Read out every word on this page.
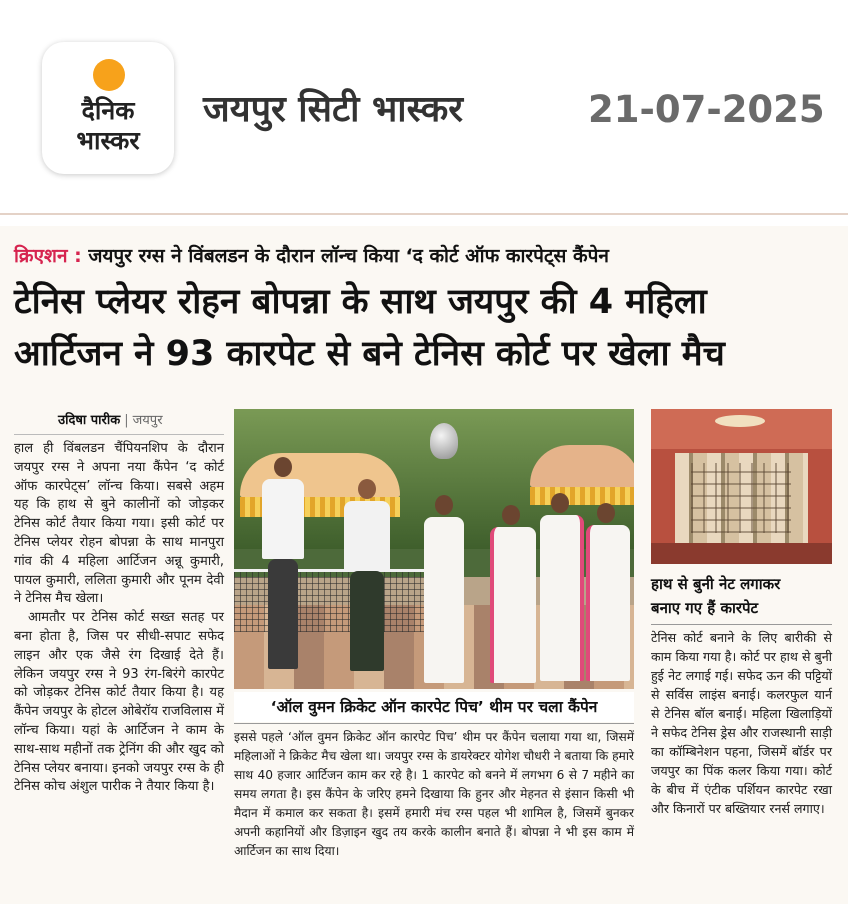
दैनिक
भास्कर
जयपुर सिटी भास्कर	21-07-2025
क्रिएशन : जयपुर रग्स ने विंबलडन के दौरान लॉन्च किया ‘द कोर्ट ऑफ कारपेट्स कैंपेन
टेनिस प्लेयर रोहन बोपन्ना के साथ जयपुर की 4 महिला
आर्टिजन ने 93 कारपेट से बने टेनिस कोर्ट पर खेला मैच
उदिषा पारीक | जयपुर

हाल ही विंबलडन चैंपियनशिप के दौरान जयपुर रग्स ने अपना नया कैंपेन ‘द कोर्ट ऑफ कारपेट्स’ लॉन्च किया। सबसे अहम यह कि हाथ से बुने कालीनों को जोड़कर टेनिस कोर्ट तैयार किया गया। इसी कोर्ट पर टेनिस प्लेयर रोहन बोपन्ना के साथ मानपुरा गांव की 4 महिला आर्टिजन अन्नू कुमारी, पायल कुमारी, ललिता कुमारी और पूनम देवी ने टेनिस मैच खेला।

आमतौर पर टेनिस कोर्ट सख्त सतह पर बना होता है, जिस पर सीधी-सपाट सफेद लाइन और एक जैसे रंग दिखाई देते हैं। लेकिन जयपुर रग्स ने 93 रंग-बिरंगे कारपेट को जोड़कर टेनिस कोर्ट तैयार किया है। यह कैंपेन जयपुर के होटल ओबेरॉय राजविलास में लॉन्च किया। यहां के आर्टिजन ने काम के साथ-साथ महीनों तक ट्रेनिंग की और खुद को टेनिस प्लेयर बनाया। इनको जयपुर रग्स के ही टेनिस कोच अंशुल पारीक ने तैयार किया है।

‘ऑल वुमन क्रिकेट ऑन कारपेट पिच’ थीम पर चला कैंपेन
इससे पहले ‘ऑल वुमन क्रिकेट ऑन कारपेट पिच’ थीम पर कैंपेन चलाया गया था, जिसमें महिलाओं ने क्रिकेट मैच खेला था। जयपुर रग्स के डायरेक्टर योगेश चौधरी ने बताया कि हमारे साथ 40 हजार आर्टिजन काम कर रहे है। 1 कारपेट को बनने में लगभग 6 से 7 महीने का समय लगता है। इस कैंपेन के जरिए हमने दिखाया कि हुनर और मेहनत से इंसान किसी भी मैदान में कमाल कर सकता है। इसमें हमारी मंच रग्स पहल भी शामिल है, जिसमें बुनकर अपनी कहानियों और डिज़ाइन खुद तय करके कालीन बनाते हैं। बोपन्ना ने भी इस काम में आर्टिजन का साथ दिया।
हाथ से बुनी नेट लगाकर
बनाए गए हैं कारपेट
टेनिस कोर्ट बनाने के लिए बारीकी से काम किया गया है। कोर्ट पर हाथ से बुनी हुई नेट लगाई गई। सफेद ऊन की पट्टियों से सर्विस लाइंस बनाई। कलरफुल यार्न से टेनिस बॉल बनाई। महिला खिलाड़ियों ने सफेद टेनिस ड्रेस और राजस्थानी साड़ी का कॉम्बिनेशन पहना, जिसमें बॉर्डर पर जयपुर का पिंक कलर किया गया। कोर्ट के बीच में एंटीक पर्शियन कारपेट रखा और किनारों पर बख्तियार रनर्स लगाए।
